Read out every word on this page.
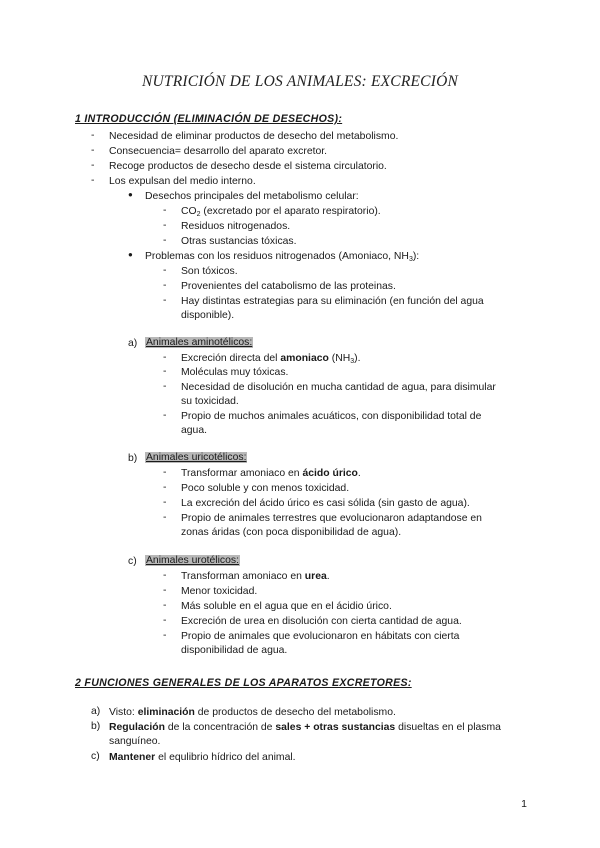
NUTRICIÓN DE LOS ANIMALES: EXCRECIÓN
1 INTRODUCCIÓN (ELIMINACIÓN DE DESECHOS):
- Necesidad de eliminar productos de desecho del metabolismo.
- Consecuencia= desarrollo del aparato excretor.
- Recoge productos de desecho desde el sistema circulatorio.
- Los expulsan del medio interno.
● Desechos principales del metabolismo celular:
- $CO_2$ (excretado por el aparato respiratorio).
- Residuos nitrogenados.
- Otras sustancias tóxicas.
● Problemas con los residuos nitrogenados (Amoniaco, $NH_3$):
- Son tóxicos.
- Provenientes del catabolismo de las proteinas.
- Hay distintas estrategias para su eliminación (en función del agua
disponible).
a) Animales aminotélicos:
- Excreción directa del amoniaco $(NH_3)$.
- Moléculas muy tóxicas.
- Necesidad de disolución en mucha cantidad de agua, para disimular
su toxicidad.
- Propio de muchos animales acuáticos, con disponibilidad total de
agua.
b) Animales uricotélicos:
- Transformar amoniaco en ácido úrico.
- Poco soluble y con menos toxicidad.
- La excreción del ácido úrico es casi sólida (sin gasto de agua).
- Propio de animales terrestres que evolucionaron adaptandose en
zonas áridas (con poca disponibilidad de agua).
c) Animales urotélicos:
- Transforman amoniaco en urea.
- Menor toxicidad.
- Más soluble en el agua que en el ácidio úrico.
- Excreción de urea en disolución con cierta cantidad de agua.
- Propio de animales que evolucionaron en hábitats con cierta
disponibilidad de agua.
2 FUNCIONES GENERALES DE LOS APARATOS EXCRETORES:
a) Visto: eliminación de productos de desecho del metabolismo.
b) Regulación de la concentración de sales + otras sustancias disueltas en el plasma
sanguíneo.
c) Mantener el equlibrio hídrico del animal.
1
